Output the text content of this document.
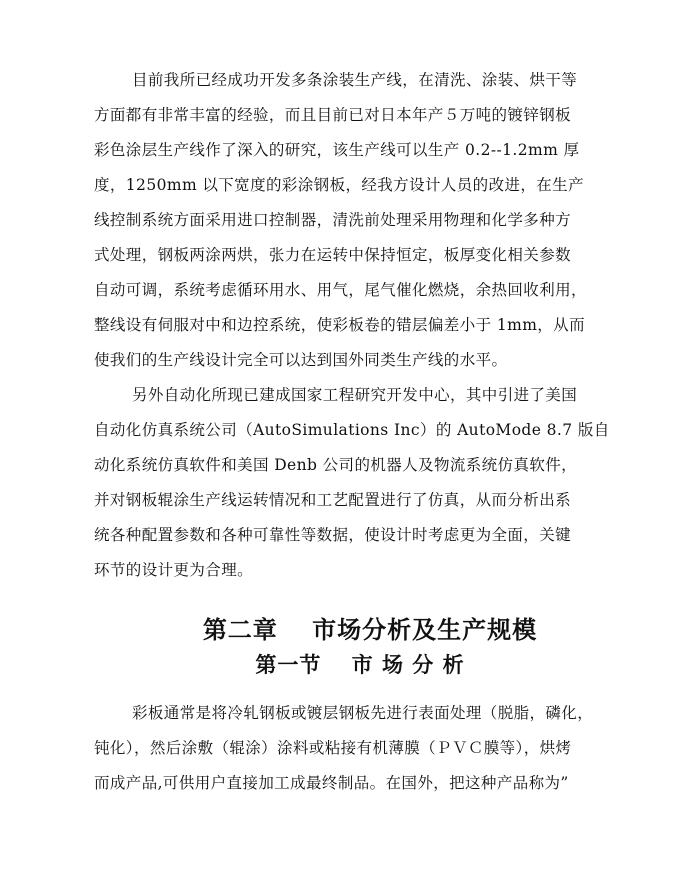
目前我所已经成功开发多条涂装生产线，在清洗、涂装、烘干等
方面都有非常丰富的经验，而且目前已对日本年产５万吨的镀锌钢板
彩色涂层生产线作了深入的研究，该生产线可以生产 0.2--1.2mm 厚
度，1250mm 以下宽度的彩涂钢板，经我方设计人员的改进，在生产
线控制系统方面采用进口控制器，清洗前处理采用物理和化学多种方
式处理，钢板两涂两烘，张力在运转中保持恒定，板厚变化相关参数
自动可调，系统考虑循环用水、用气，尾气催化燃烧，余热回收利用，
整线设有伺服对中和边控系统，使彩板卷的错层偏差小于 1mm，从而
使我们的生产线设计完全可以达到国外同类生产线的水平。
另外自动化所现已建成国家工程研究开发中心，其中引进了美国
自动化仿真系统公司（AutoSimulations Inc）的 AutoMode 8.7 版自
动化系统仿真软件和美国 Denb 公司的机器人及物流系统仿真软件，
并对钢板辊涂生产线运转情况和工艺配置进行了仿真，从而分析出系
统各种配置参数和各种可靠性等数据，使设计时考虑更为全面，关键
环节的设计更为合理。
第二章　 市场分析及生产规模
第一节　 市 场 分 析
彩板通常是将冷轧钢板或镀层钢板先进行表面处理（脱脂，磷化，
钝化），然后涂敷（辊涂）涂料或粘接有机薄膜（ＰＶＣ膜等），烘烤
而成产品,可供用户直接加工成最终制品。在国外，把这种产品称为”
